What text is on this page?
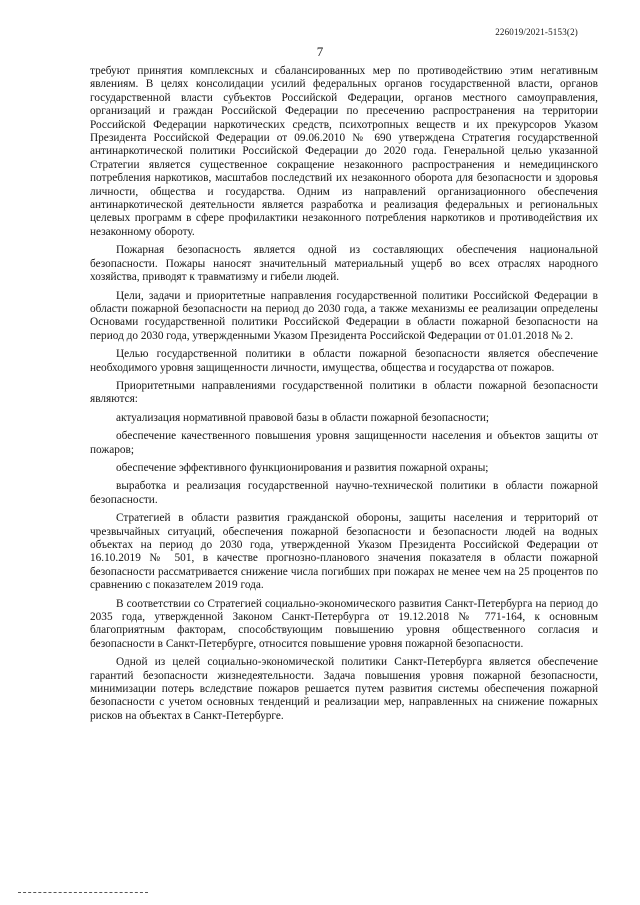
226019/2021-5153(2)
7

требуют принятия комплексных и сбалансированных мер по противодействию этим негативным явлениям. В целях консолидации усилий федеральных органов государственной власти, органов государственной власти субъектов Российской Федерации, органов местного самоуправления, организаций и граждан Российской Федерации по пресечению распространения на территории Российской Федерации наркотических средств, психотропных веществ и их прекурсоров Указом Президента Российской Федерации от 09.06.2010 № 690 утверждена Стратегия государственной антинаркотической политики Российской Федерации до 2020 года. Генеральной целью указанной Стратегии является существенное сокращение незаконного распространения и немедицинского потребления наркотиков, масштабов последствий их незаконного оборота для безопасности и здоровья личности, общества и государства. Одним из направлений организационного обеспечения антинаркотической деятельности является разработка и реализация федеральных и региональных целевых программ в сфере профилактики незаконного потребления наркотиков и противодействия их незаконному обороту.

Пожарная безопасность является одной из составляющих обеспечения национальной безопасности. Пожары наносят значительный материальный ущерб во всех отраслях народного хозяйства, приводят к травматизму и гибели людей.

Цели, задачи и приоритетные направления государственной политики Российской Федерации в области пожарной безопасности на период до 2030 года, а также механизмы ее реализации определены Основами государственной политики Российской Федерации в области пожарной безопасности на период до 2030 года, утвержденными Указом Президента Российской Федерации от 01.01.2018 № 2.

Целью государственной политики в области пожарной безопасности является обеспечение необходимого уровня защищенности личности, имущества, общества и государства от пожаров.

Приоритетными направлениями государственной политики в области пожарной безопасности являются:

актуализация нормативной правовой базы в области пожарной безопасности;

обеспечение качественного повышения уровня защищенности населения и объектов защиты от пожаров;

обеспечение эффективного функционирования и развития пожарной охраны;

выработка и реализация государственной научно-технической политики в области пожарной безопасности.

Стратегией в области развития гражданской обороны, защиты населения и территорий от чрезвычайных ситуаций, обеспечения пожарной безопасности и безопасности людей на водных объектах на период до 2030 года, утвержденной Указом Президента Российской Федерации от 16.10.2019 № 501, в качестве прогнозно-планового значения показателя в области пожарной безопасности рассматривается снижение числа погибших при пожарах не менее чем на 25 процентов по сравнению с показателем 2019 года.

В соответствии со Стратегией социально-экономического развития Санкт-Петербурга на период до 2035 года, утвержденной Законом Санкт-Петербурга от 19.12.2018 № 771-164, к основным благоприятным факторам, способствующим повышению уровня общественного согласия и безопасности в Санкт-Петербурге, относится повышение уровня пожарной безопасности.

Одной из целей социально-экономической политики Санкт-Петербурга является обеспечение гарантий безопасности жизнедеятельности. Задача повышения уровня пожарной безопасности, минимизации потерь вследствие пожаров решается путем развития системы обеспечения пожарной безопасности с учетом основных тенденций и реализации мер, направленных на снижение пожарных рисков на объектах в Санкт-Петербурге.
